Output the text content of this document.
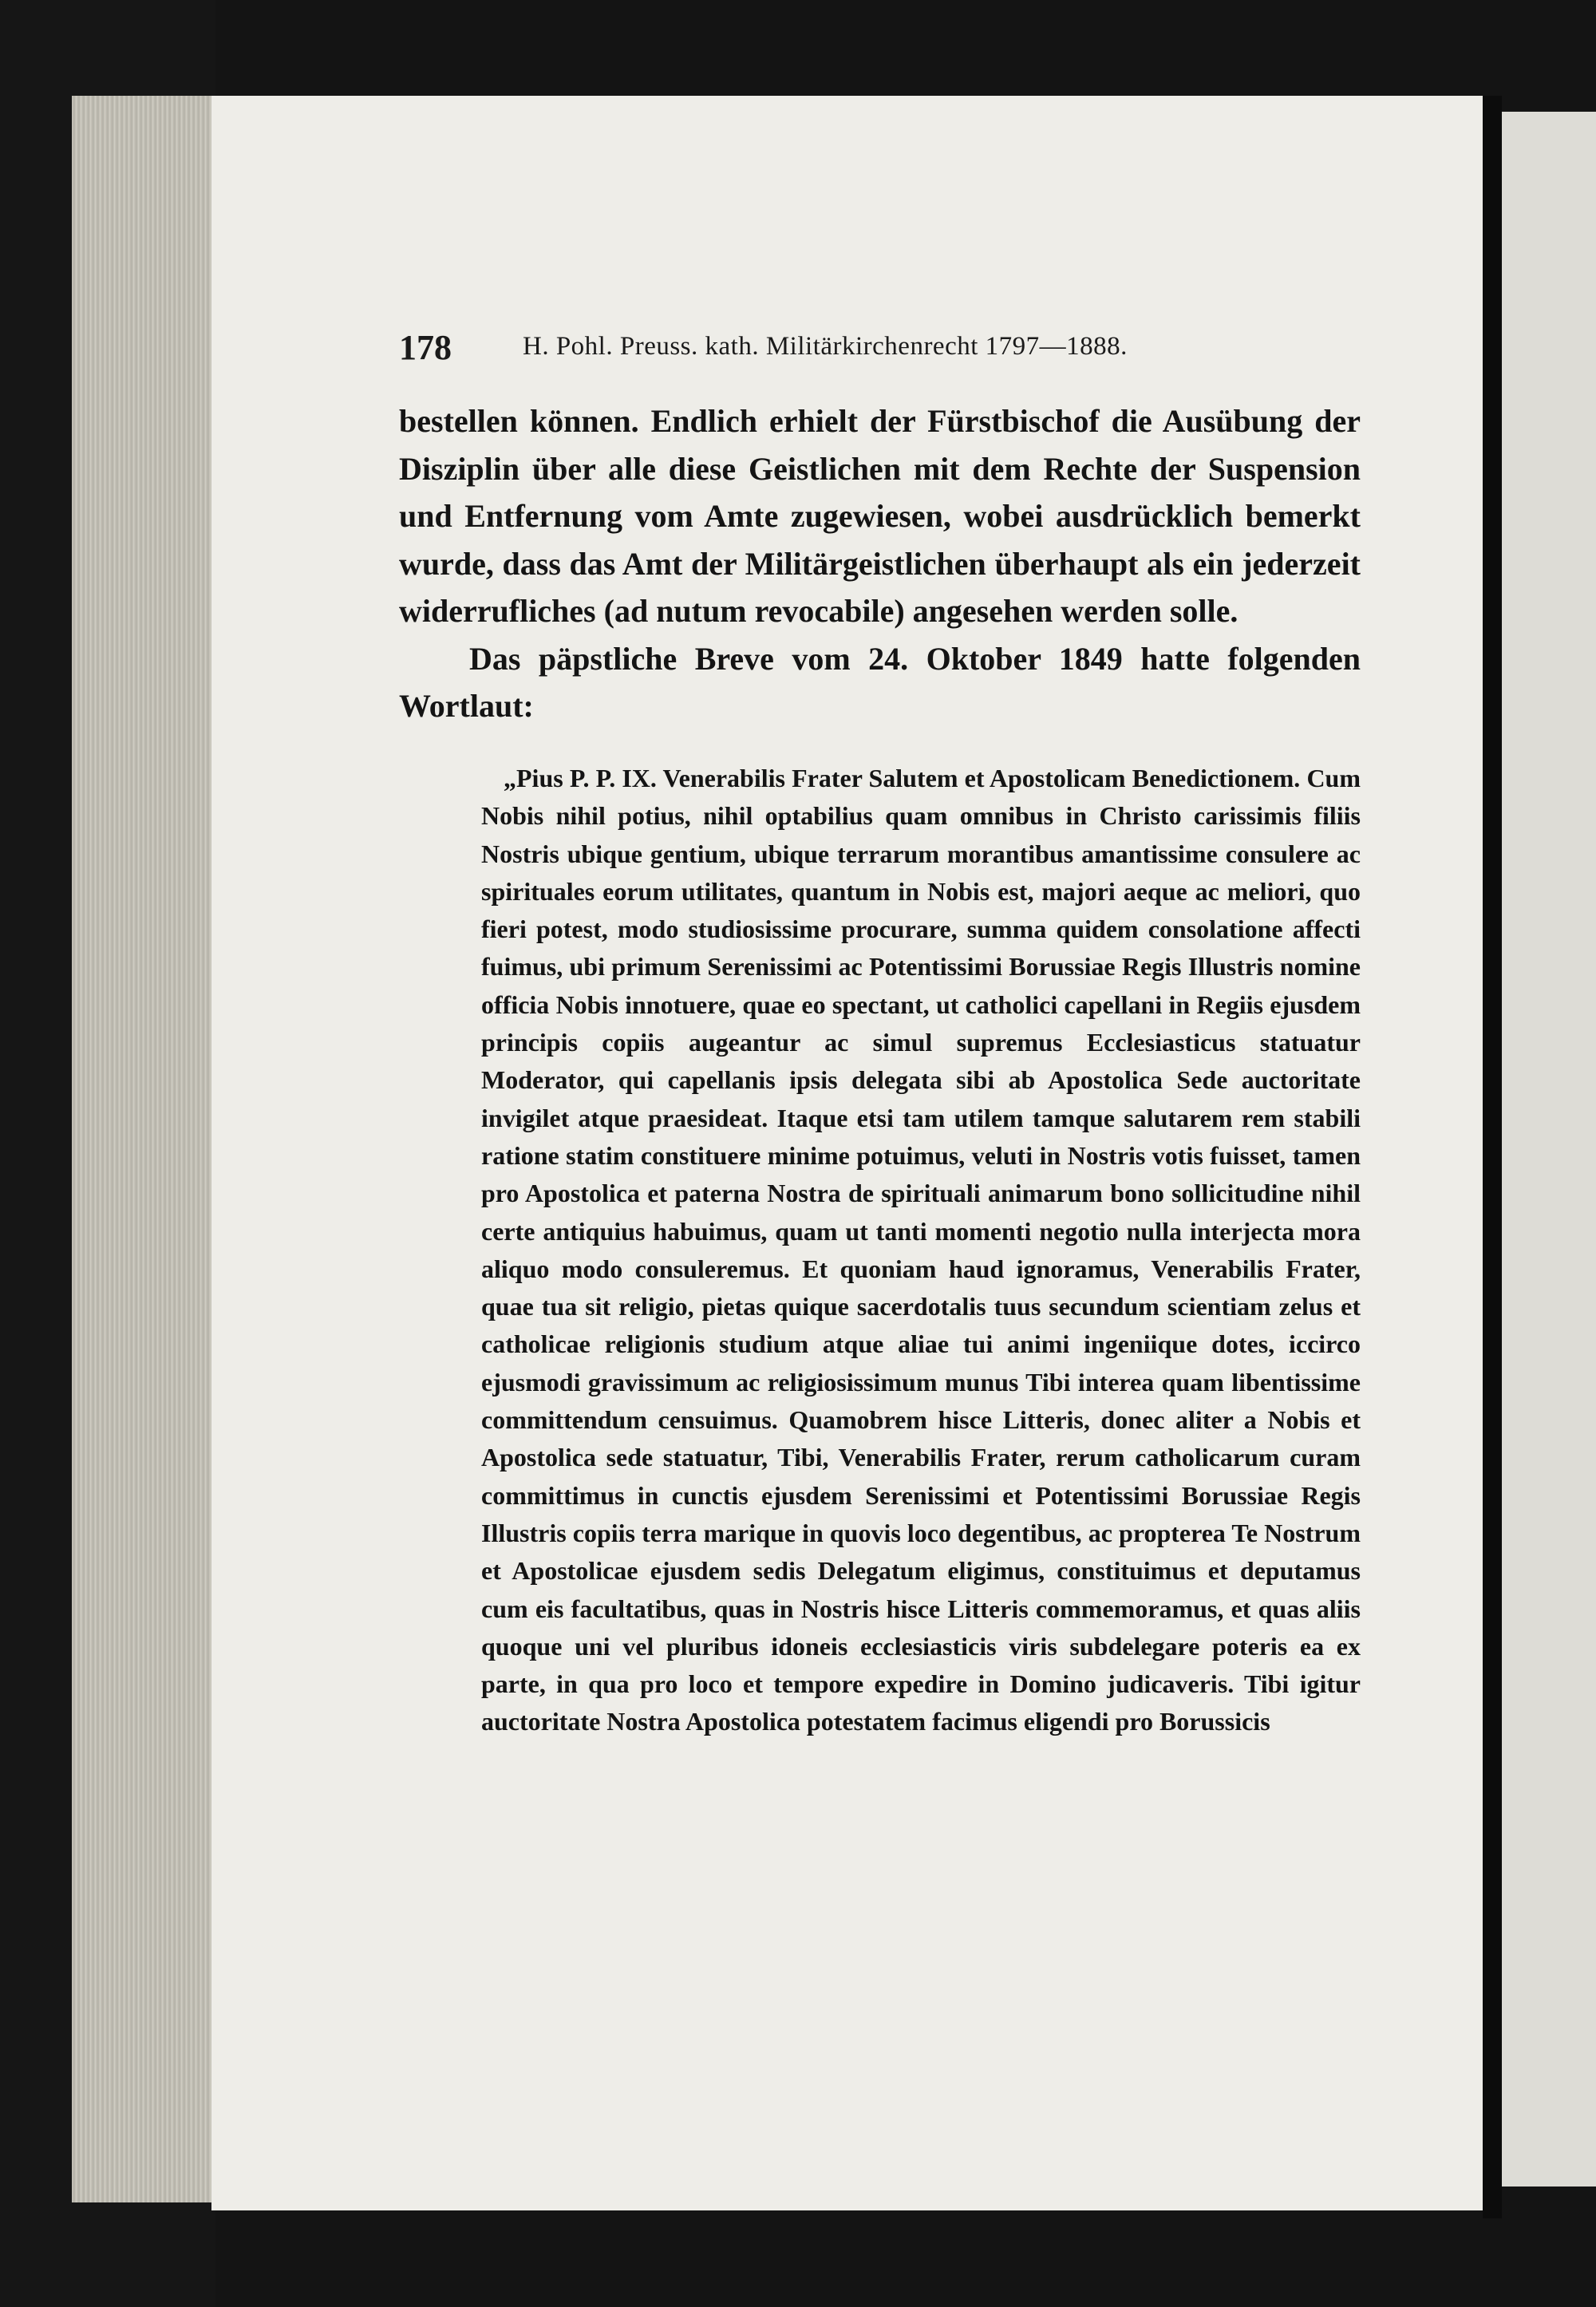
178	H. Pohl. Preuss. kath. Militärkirchenrecht 1797—1888.

bestellen können. Endlich erhielt der Fürstbischof die Ausübung der Disziplin über alle diese Geistlichen mit dem Rechte der Suspension und Entfernung vom Amte zugewiesen, wobei ausdrücklich bemerkt wurde, dass das Amt der Militärgeistlichen überhaupt als ein jederzeit widerrufliches (ad nutum revocabile) angesehen werden solle.

Das päpstliche Breve vom 24. Oktober 1849 hatte folgenden Wortlaut:

„Pius P. P. IX. Venerabilis Frater Salutem et Apostolicam Benedictionem. Cum Nobis nihil potius, nihil optabilius quam omnibus in Christo carissimis filiis Nostris ubique gentium, ubique terrarum morantibus amantissime consulere ac spirituales eorum utilitates, quantum in Nobis est, majori aeque ac meliori, quo fieri potest, modo studiosissime procurare, summa quidem consolatione affecti fuimus, ubi primum Serenissimi ac Potentissimi Borussiae Regis Illustris nomine officia Nobis innotuere, quae eo spectant, ut catholici capellani in Regiis ejusdem principis copiis augeantur ac simul supremus Ecclesiasticus statuatur Moderator, qui capellanis ipsis delegata sibi ab Apostolica Sede auctoritate invigilet atque praesideat. Itaque etsi tam utilem tamque salutarem rem stabili ratione statim constituere minime potuimus, veluti in Nostris votis fuisset, tamen pro Apostolica et paterna Nostra de spirituali animarum bono sollicitudine nihil certe antiquius habuimus, quam ut tanti momenti negotio nulla interjecta mora aliquo modo consuleremus. Et quoniam haud ignoramus, Venerabilis Frater, quae tua sit religio, pietas quique sacerdotalis tuus secundum scientiam zelus et catholicae religionis studium atque aliae tui animi ingeniique dotes, iccirco ejusmodi gravissimum ac religiosissimum munus Tibi interea quam libentissime committendum censuimus. Quamobrem hisce Litteris, donec aliter a Nobis et Apostolica sede statuatur, Tibi, Venerabilis Frater, rerum catholicarum curam committimus in cunctis ejusdem Serenissimi et Potentissimi Borussiae Regis Illustris copiis terra marique in quovis loco degentibus, ac propterea Te Nostrum et Apostolicae ejusdem sedis Delegatum eligimus, constituimus et deputamus cum eis facultatibus, quas in Nostris hisce Litteris commemoramus, et quas aliis quoque uni vel pluribus idoneis ecclesiasticis viris subdelegare poteris ea ex parte, in qua pro loco et tempore expedire in Domino judicaveris. Tibi igitur auctoritate Nostra Apostolica potestatem facimus eligendi pro Borussicis
